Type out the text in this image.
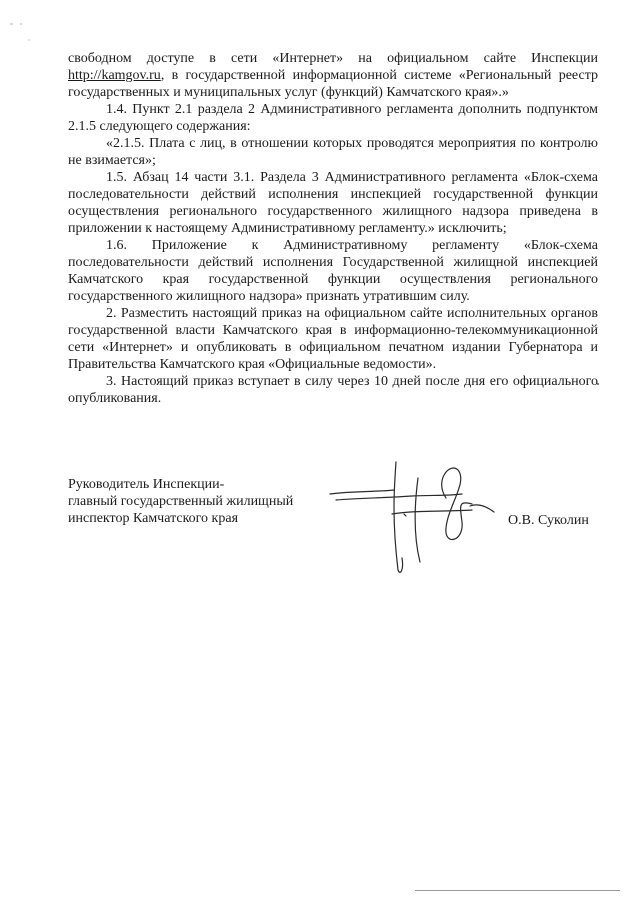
свободном доступе в сети «Интернет» на официальном сайте Инспекции http://kamgov.ru, в государственной информационной системе «Региональный реестр государственных и муниципальных услуг (функций) Камчатского края».»

1.4. Пункт 2.1 раздела 2 Административного регламента дополнить подпунктом 2.1.5 следующего содержания:

«2.1.5. Плата с лиц, в отношении которых проводятся мероприятия по контролю не взимается»;

1.5. Абзац 14 части 3.1. Раздела 3 Административного регламента «Блок-схема последовательности действий исполнения инспекцией государственной функции осуществления регионального государственного жилищного надзора приведена в приложении к настоящему Административному регламенту.» исключить;

1.6. Приложение к Административному регламенту «Блок-схема последовательности действий исполнения Государственной жилищной инспекцией Камчатского края государственной функции осуществления регионального государственного жилищного надзора» признать утратившим силу.

2. Разместить настоящий приказ на официальном сайте исполнительных органов государственной власти Камчатского края в информационно-телекоммуникационной сети «Интернет» и опубликовать в официальном печатном издании Губернатора и Правительства Камчатского края «Официальные ведомости».

3. Настоящий приказ вступает в силу через 10 дней после дня его официального опубликования.

Руководитель Инспекции-
главный государственный жилищный
инспектор Камчатского края	О.В. Суколин
